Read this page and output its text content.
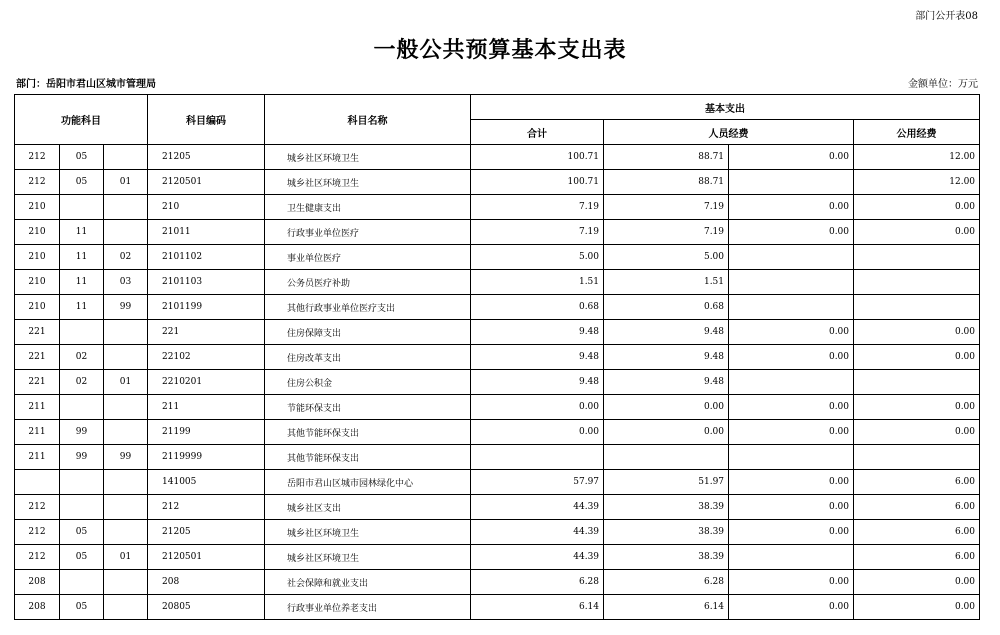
部门公开表08
一般公共预算基本支出表
部门：岳阳市君山区城市管理局	金额单位：万元
功能科目			科目编码	科目名称	基本支出			
					合计	人员经费		公用经费
212	05		21205	城乡社区环境卫生	100.71	88.71	0.00	12.00
212	05	01	2120501	城乡社区环境卫生	100.71	88.71		12.00
210			210	卫生健康支出	7.19	7.19	0.00	0.00
210	11		21011	行政事业单位医疗	7.19	7.19	0.00	0.00
210	11	02	2101102	事业单位医疗	5.00	5.00		
210	11	03	2101103	公务员医疗补助	1.51	1.51		
210	11	99	2101199	其他行政事业单位医疗支出	0.68	0.68		
221			221	住房保障支出	9.48	9.48	0.00	0.00
221	02		22102	住房改革支出	9.48	9.48	0.00	0.00
221	02	01	2210201	住房公积金	9.48	9.48		
211			211	节能环保支出	0.00	0.00	0.00	0.00
211	99		21199	其他节能环保支出	0.00	0.00	0.00	0.00
211	99	99	2119999	其他节能环保支出				
			141005	岳阳市君山区城市园林绿化中心	57.97	51.97	0.00	6.00
212			212	城乡社区支出	44.39	38.39	0.00	6.00
212	05		21205	城乡社区环境卫生	44.39	38.39	0.00	6.00
212	05	01	2120501	城乡社区环境卫生	44.39	38.39		6.00
208			208	社会保障和就业支出	6.28	6.28	0.00	0.00
208	05		20805	行政事业单位养老支出	6.14	6.14	0.00	0.00
